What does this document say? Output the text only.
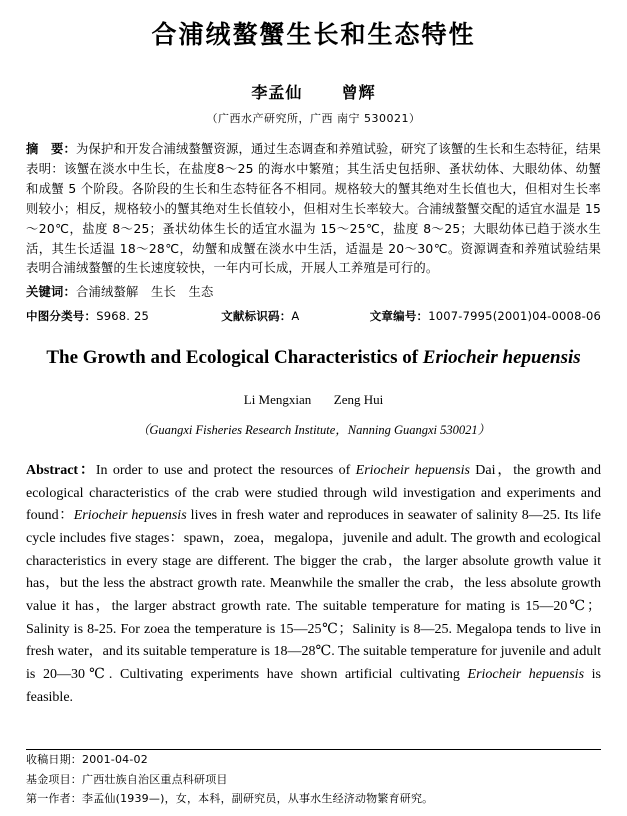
合浦绒螯蟹生长和生态特性
李孟仙 曾辉
（广西水产研究所，广西 南宁 530021）
摘　要：为保护和开发合浦绒螯蟹资源，通过生态调查和养殖试验，研究了该蟹的生长和生态特征，结果表明：该蟹在淡水中生长，在盐度8～25 的海水中繁殖；其生活史包括卵、蚤状幼体、大眼幼体、幼蟹和成蟹 5 个阶段。各阶段的生长和生态特征各不相同。规格较大的蟹其绝对生长值也大，但相对生长率则较小；相反，规格较小的蟹其绝对生长值较小，但相对生长率较大。合浦绒螯蟹交配的适宜水温是 15～20℃，盐度 8～25；蚤状幼体生长的适宜水温为 15～25℃，盐度 8～25；大眼幼体已趋于淡水生活，其生长适温 18～28℃，幼蟹和成蟹在淡水中生活，适温是 20～30℃。资源调查和养殖试验结果表明合浦绒螯蟹的生长速度较快，一年内可长成，开展人工养殖是可行的。
关键词：合浦绒螯解　生长　生态
中图分类号：S968. 25	文献标识码：A	文章编号：1007-7995(2001)04-0008-06
The Growth and Ecological Characteristics of Eriocheir hepuensis
Li Mengxian Zeng Hui
（Guangxi Fisheries Research Institute，Nanning Guangxi 530021）
Abstract：In order to use and protect the resources of Eriocheir hepuensis Dai，the growth and ecological characteristics of the crab were studied through wild investigation and experiments and found：Eriocheir hepuensis lives in fresh water and reproduces in seawater of salinity 8—25. Its life cycle includes five stages：spawn，zoea，megalopa，juvenile and adult. The growth and ecological characteristics in every stage are different. The bigger the crab，the larger absolute growth value it has，but the less the abstract growth rate. Meanwhile the smaller the crab，the less absolute growth value it has，the larger abstract growth rate. The suitable temperature for mating is 15—20℃；Salinity is 8-25. For zoea the temperature is 15—25℃；Salinity is 8—25. Megalopa tends to live in fresh water，and its suitable temperature is 18—28℃. The suitable temperature for juvenile and adult is 20—30℃. Cultivating experiments have shown artificial cultivating Eriocheir hepuensis is feasible.
收稿日期：2001-04-02
基金项目：广西壮族自治区重点科研项目
第一作者：李孟仙(1939—)，女，本科，副研究员，从事水生经济动物繁育研究。
